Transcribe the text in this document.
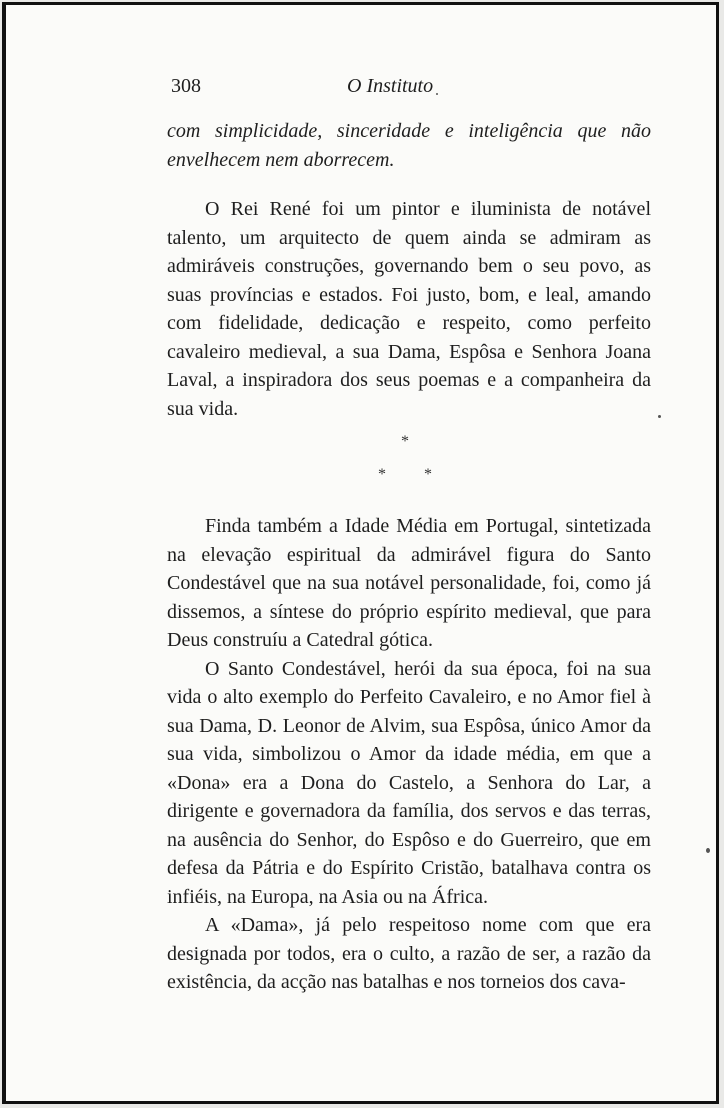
308	O Instituto

com simplicidade, sinceridade e inteligência que não envelhecem nem aborrecem.

O Rei René foi um pintor e iluminista de notável talento, um arquitecto de quem ainda se admiram as admiráveis construções, governando bem o seu povo, as suas províncias e estados. Foi justo, bom, e leal, amando com fidelidade, dedicação e respeito, como perfeito cavaleiro medieval, a sua Dama, Espôsa e Senhora Joana Laval, a inspiradora dos seus poemas e a companheira da sua vida.

*
* *

Finda também a Idade Média em Portugal, sintetizada na elevação espiritual da admirável figura do Santo Condestável que na sua notável personalidade, foi, como já dissemos, a síntese do próprio espírito medieval, que para Deus construíu a Catedral gótica.

O Santo Condestável, herói da sua época, foi na sua vida o alto exemplo do Perfeito Cavaleiro, e no Amor fiel à sua Dama, D. Leonor de Alvim, sua Espôsa, único Amor da sua vida, simbolizou o Amor da idade média, em que a «Dona» era a Dona do Castelo, a Senhora do Lar, a dirigente e governadora da família, dos servos e das terras, na ausência do Senhor, do Espôso e do Guerreiro, que em defesa da Pátria e do Espírito Cristão, batalhava contra os infiéis, na Europa, na Asia ou na África.

A «Dama», já pelo respeitoso nome com que era designada por todos, era o culto, a razão de ser, a razão da existência, da acção nas batalhas e nos torneios dos cava-
